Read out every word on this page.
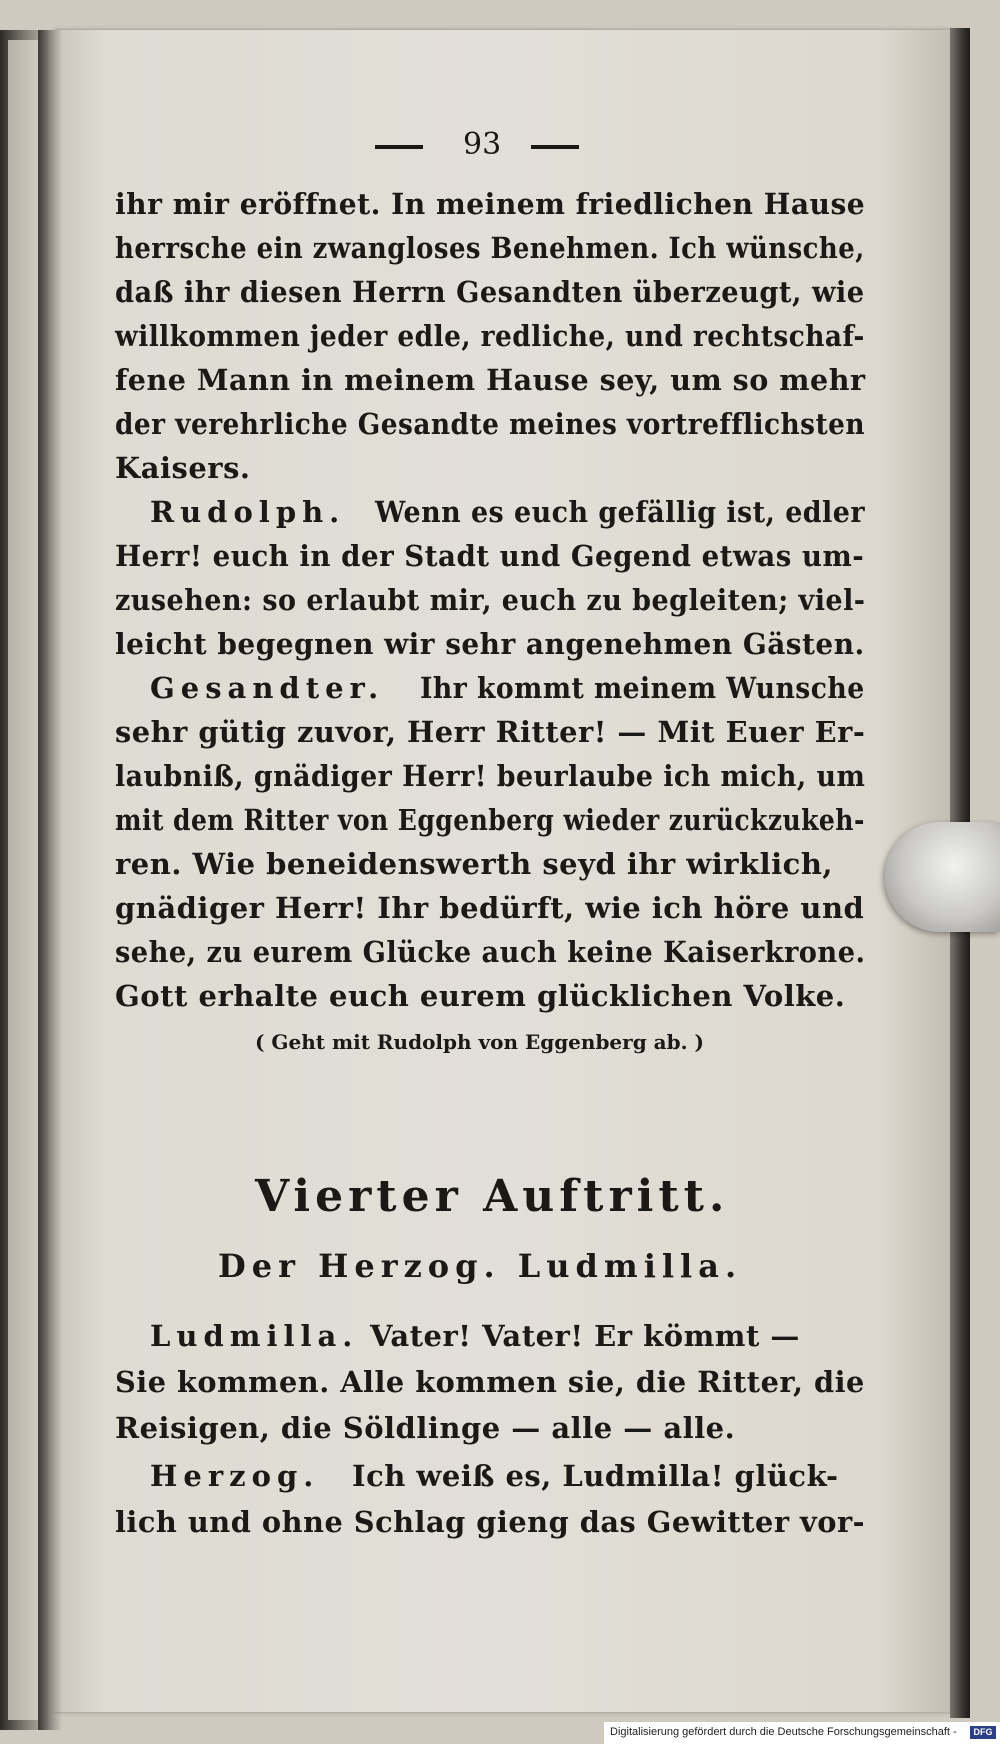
93

ihr mir eröffnet. In meinem friedlichen Hause

herrsche ein zwangloses Benehmen. Ich wünsche,

daß ihr diesen Herrn Gesandten überzeugt, wie

willkommen jeder edle, redliche, und rechtschaf-

fene Mann in meinem Hause sey, um so mehr

der verehrliche Gesandte meines vortrefflichsten

Kaisers.

Rudolph. Wenn es euch gefällig ist, edler

Herr! euch in der Stadt und Gegend etwas um-

zusehen: so erlaubt mir, euch zu begleiten; viel-

leicht begegnen wir sehr angenehmen Gästen.

Gesandter. Ihr kommt meinem Wunsche

sehr gütig zuvor, Herr Ritter! — Mit Euer Er-

laubniß, gnädiger Herr! beurlaube ich mich, um

mit dem Ritter von Eggenberg wieder zurückzukeh-

ren. Wie beneidenswerth seyd ihr wirklich,

gnädiger Herr! Ihr bedürft, wie ich höre und

sehe, zu eurem Glücke auch keine Kaiserkrone.

Gott erhalte euch eurem glücklichen Volke.

( Geht mit Rudolph von Eggenberg ab. )

Vierter Auftritt.

Der Herzog. Ludmilla.

Ludmilla. Vater! Vater! Er kömmt —

Sie kommen. Alle kommen sie, die Ritter, die

Reisigen, die Söldlinge — alle — alle.

Herzog. Ich weiß es, Ludmilla! glück-

lich und ohne Schlag gieng das Gewitter vor-

Digitalisierung gefördert durch die Deutsche Forschungsgemeinschaft -	DFG
